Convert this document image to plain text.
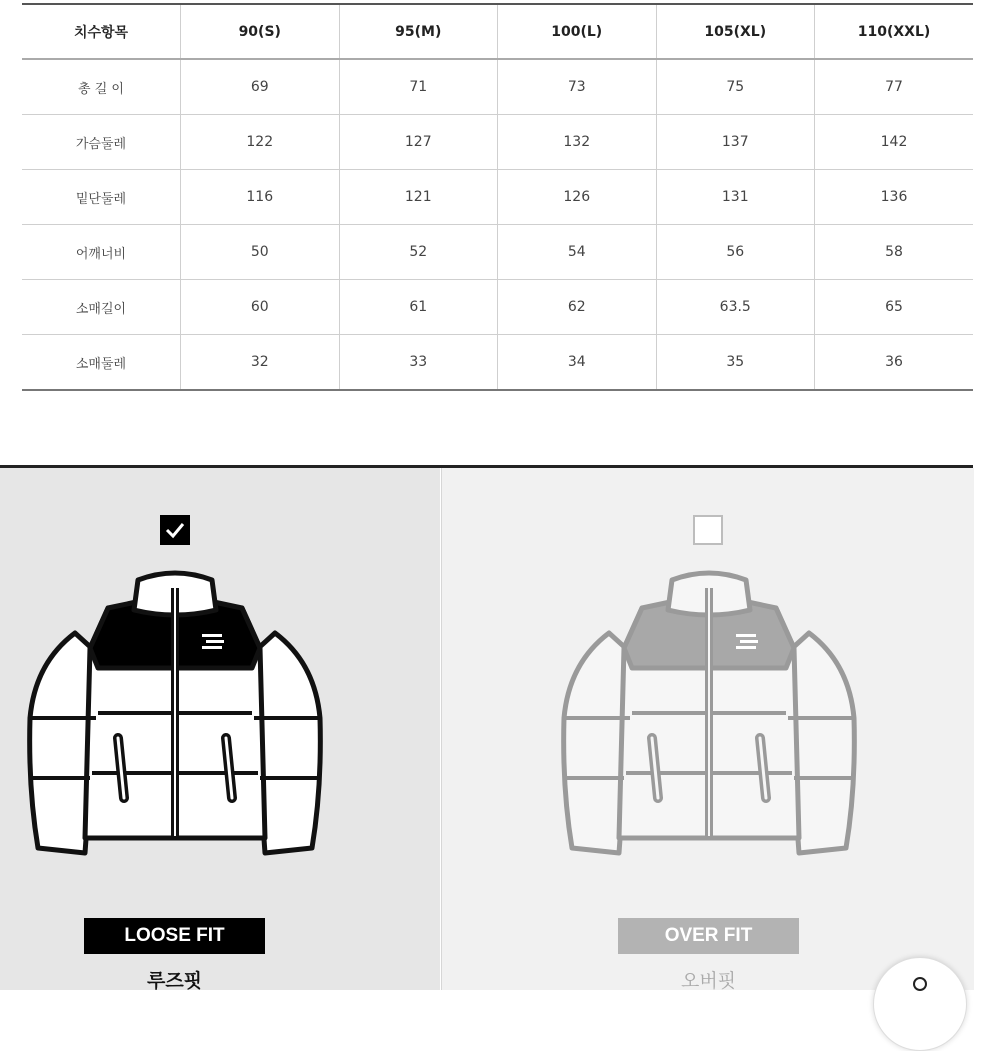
치수항목	90(S)	95(M)	100(L)	105(XL)	110(XXL)
총 길 이	69	71	73	75	77
가슴둘레	122	127	132	137	142
밑단둘레	116	121	126	131	136
어깨너비	50	52	54	56	58
소매길이	60	61	62	63.5	65
소매둘레	32	33	34	35	36
LOOSE FIT
루즈핏
OVER FIT
오버핏
